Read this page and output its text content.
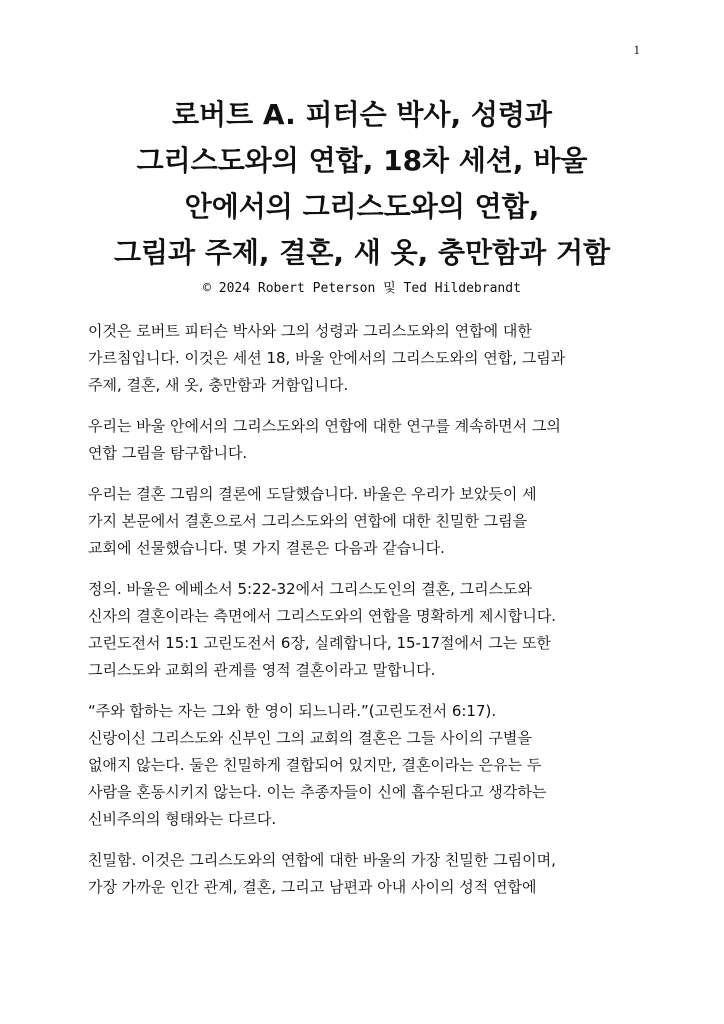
1
로버트 A. 피터슨 박사, 성령과
그리스도와의 연합, 18차 세션, 바울
안에서의 그리스도와의 연합,
그림과 주제, 결혼, 새 옷, 충만함과 거함
© 2024 Robert Peterson 및 Ted Hildebrandt

이것은 로버트 피터슨 박사와 그의 성령과 그리스도와의 연합에 대한
가르침입니다. 이것은 세션 18, 바울 안에서의 그리스도와의 연합, 그림과
주제, 결혼, 새 옷, 충만함과 거함입니다.

우리는 바울 안에서의 그리스도와의 연합에 대한 연구를 계속하면서 그의
연합 그림을 탐구합니다.

우리는 결혼 그림의 결론에 도달했습니다. 바울은 우리가 보았듯이 세
가지 본문에서 결혼으로서 그리스도와의 연합에 대한 친밀한 그림을
교회에 선물했습니다. 몇 가지 결론은 다음과 같습니다.

정의. 바울은 에베소서 5:22-32에서 그리스도인의 결혼, 그리스도와
신자의 결혼이라는 측면에서 그리스도와의 연합을 명확하게 제시합니다.
고린도전서 15:1 고린도전서 6장, 실례합니다, 15-17절에서 그는 또한
그리스도와 교회의 관계를 영적 결혼이라고 말합니다.

“주와 합하는 자는 그와 한 영이 되느니라.”(고린도전서 6:17).
신랑이신 그리스도와 신부인 그의 교회의 결혼은 그들 사이의 구별을
없애지 않는다. 둘은 친밀하게 결합되어 있지만, 결혼이라는 은유는 두
사람을 혼동시키지 않는다. 이는 추종자들이 신에 흡수된다고 생각하는
신비주의의 형태와는 다르다.

친밀함. 이것은 그리스도와의 연합에 대한 바울의 가장 친밀한 그림이며,
가장 가까운 인간 관계, 결혼, 그리고 남편과 아내 사이의 성적 연합에
